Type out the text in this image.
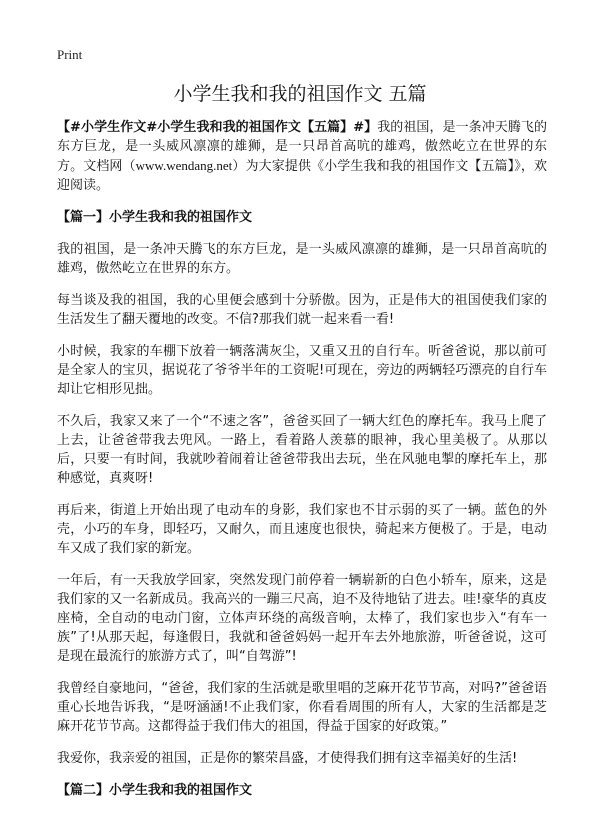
Print
小学生我和我的祖国作文 五篇

【#小学生作文#小学生我和我的祖国作文【五篇】#】我的祖国，是一条冲天腾飞的东方巨龙，是一头威风凛凛的雄狮，是一只昂首高吭的雄鸡，傲然屹立在世界的东方。文档网（www.wendang.net）为大家提供《小学生我和我的祖国作文【五篇】》，欢迎阅读。

【篇一】小学生我和我的祖国作文

我的祖国，是一条冲天腾飞的东方巨龙，是一头威风凛凛的雄狮，是一只昂首高吭的雄鸡，傲然屹立在世界的东方。

每当谈及我的祖国，我的心里便会感到十分骄傲。因为，正是伟大的祖国使我们家的生活发生了翻天覆地的改变。不信?那我们就一起来看一看!

小时候，我家的车棚下放着一辆落满灰尘，又重又丑的自行车。听爸爸说，那以前可是全家人的宝贝，据说花了爷爷半年的工资呢!可现在，旁边的两辆轻巧漂亮的自行车却让它相形见拙。

不久后，我家又来了一个“不速之客”，爸爸买回了一辆大红色的摩托车。我马上爬了上去，让爸爸带我去兜风。一路上，看着路人羡慕的眼神，我心里美极了。从那以后，只要一有时间，我就吵着闹着让爸爸带我出去玩，坐在风驰电掣的摩托车上，那种感觉，真爽呀!

再后来，街道上开始出现了电动车的身影，我们家也不甘示弱的买了一辆。蓝色的外壳，小巧的车身，即轻巧，又耐久，而且速度也很快，骑起来方便极了。于是，电动车又成了我们家的新宠。

一年后，有一天我放学回家，突然发现门前停着一辆崭新的白色小轿车，原来，这是我们家的又一名新成员。我高兴的一蹦三尺高，迫不及待地钻了进去。哇!豪华的真皮座椅，全自动的电动门窗，立体声环绕的高级音响，太棒了，我们家也步入“有车一族”了!从那天起，每逢假日，我就和爸爸妈妈一起开车去外地旅游，听爸爸说，这可是现在最流行的旅游方式了，叫“自驾游”!

我曾经自豪地问，“爸爸，我们家的生活就是歌里唱的芝麻开花节节高，对吗?”爸爸语重心长地告诉我，“是呀涵涵!不止我们家，你看看周围的所有人，大家的生活都是芝麻开花节节高。这都得益于我们伟大的祖国，得益于国家的好政策。”

我爱你，我亲爱的祖国，正是你的繁荣昌盛，才使得我们拥有这幸福美好的生活!

【篇二】小学生我和我的祖国作文
